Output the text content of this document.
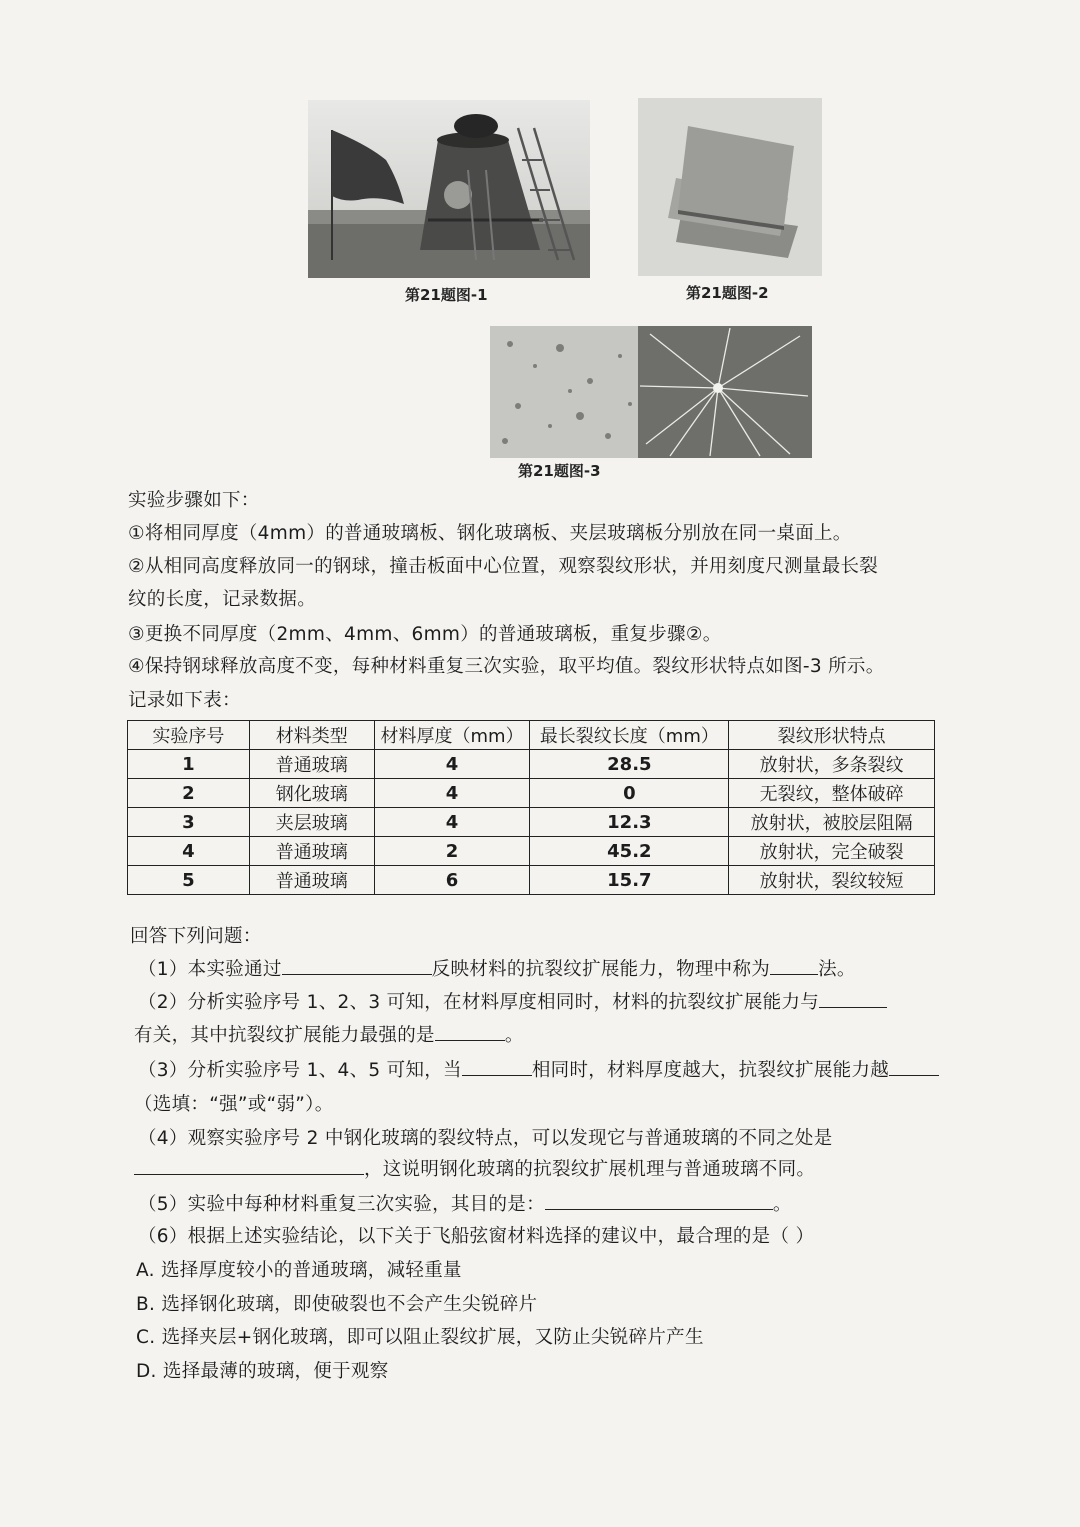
第21题图-1	第21题图-2
第21题图-3
实验步骤如下：
①将相同厚度（4mm）的普通玻璃板、钢化玻璃板、夹层玻璃板分别放在同一桌面上。
②从相同高度释放同一的钢球，撞击板面中心位置，观察裂纹形状，并用刻度尺测量最长裂
纹的长度，记录数据。
③更换不同厚度（2mm、4mm、6mm）的普通玻璃板，重复步骤②。
④保持钢球释放高度不变，每种材料重复三次实验，取平均值。裂纹形状特点如图-3 所示。
记录如下表：
实验序号	材料类型	材料厚度（mm）	最长裂纹长度（mm）	裂纹形状特点
1	普通玻璃	4	28.5	放射状，多条裂纹
2	钢化玻璃	4	0	无裂纹，整体破碎
3	夹层玻璃	4	12.3	放射状，被胶层阻隔
4	普通玻璃	2	45.2	放射状，完全破裂
5	普通玻璃	6	15.7	放射状，裂纹较短
回答下列问题：
（1）本实验通过	反映材料的抗裂纹扩展能力，物理中称为	法。
（2）分析实验序号 1、2、3 可知，在材料厚度相同时，材料的抗裂纹扩展能力与
有关，其中抗裂纹扩展能力最强的是	。
（3）分析实验序号 1、4、5 可知，当	相同时，材料厚度越大，抗裂纹扩展能力越
（选填：“强”或“弱”）。
（4）观察实验序号 2 中钢化玻璃的裂纹特点，可以发现它与普通玻璃的不同之处是
，这说明钢化玻璃的抗裂纹扩展机理与普通玻璃不同。
（5）实验中每种材料重复三次实验，其目的是：	。
（6）根据上述实验结论，以下关于飞船弦窗材料选择的建议中，最合理的是（ ）
A. 选择厚度较小的普通玻璃，减轻重量
B. 选择钢化玻璃，即使破裂也不会产生尖锐碎片
C. 选择夹层+钢化玻璃，即可以阻止裂纹扩展，又防止尖锐碎片产生
D. 选择最薄的玻璃，便于观察
